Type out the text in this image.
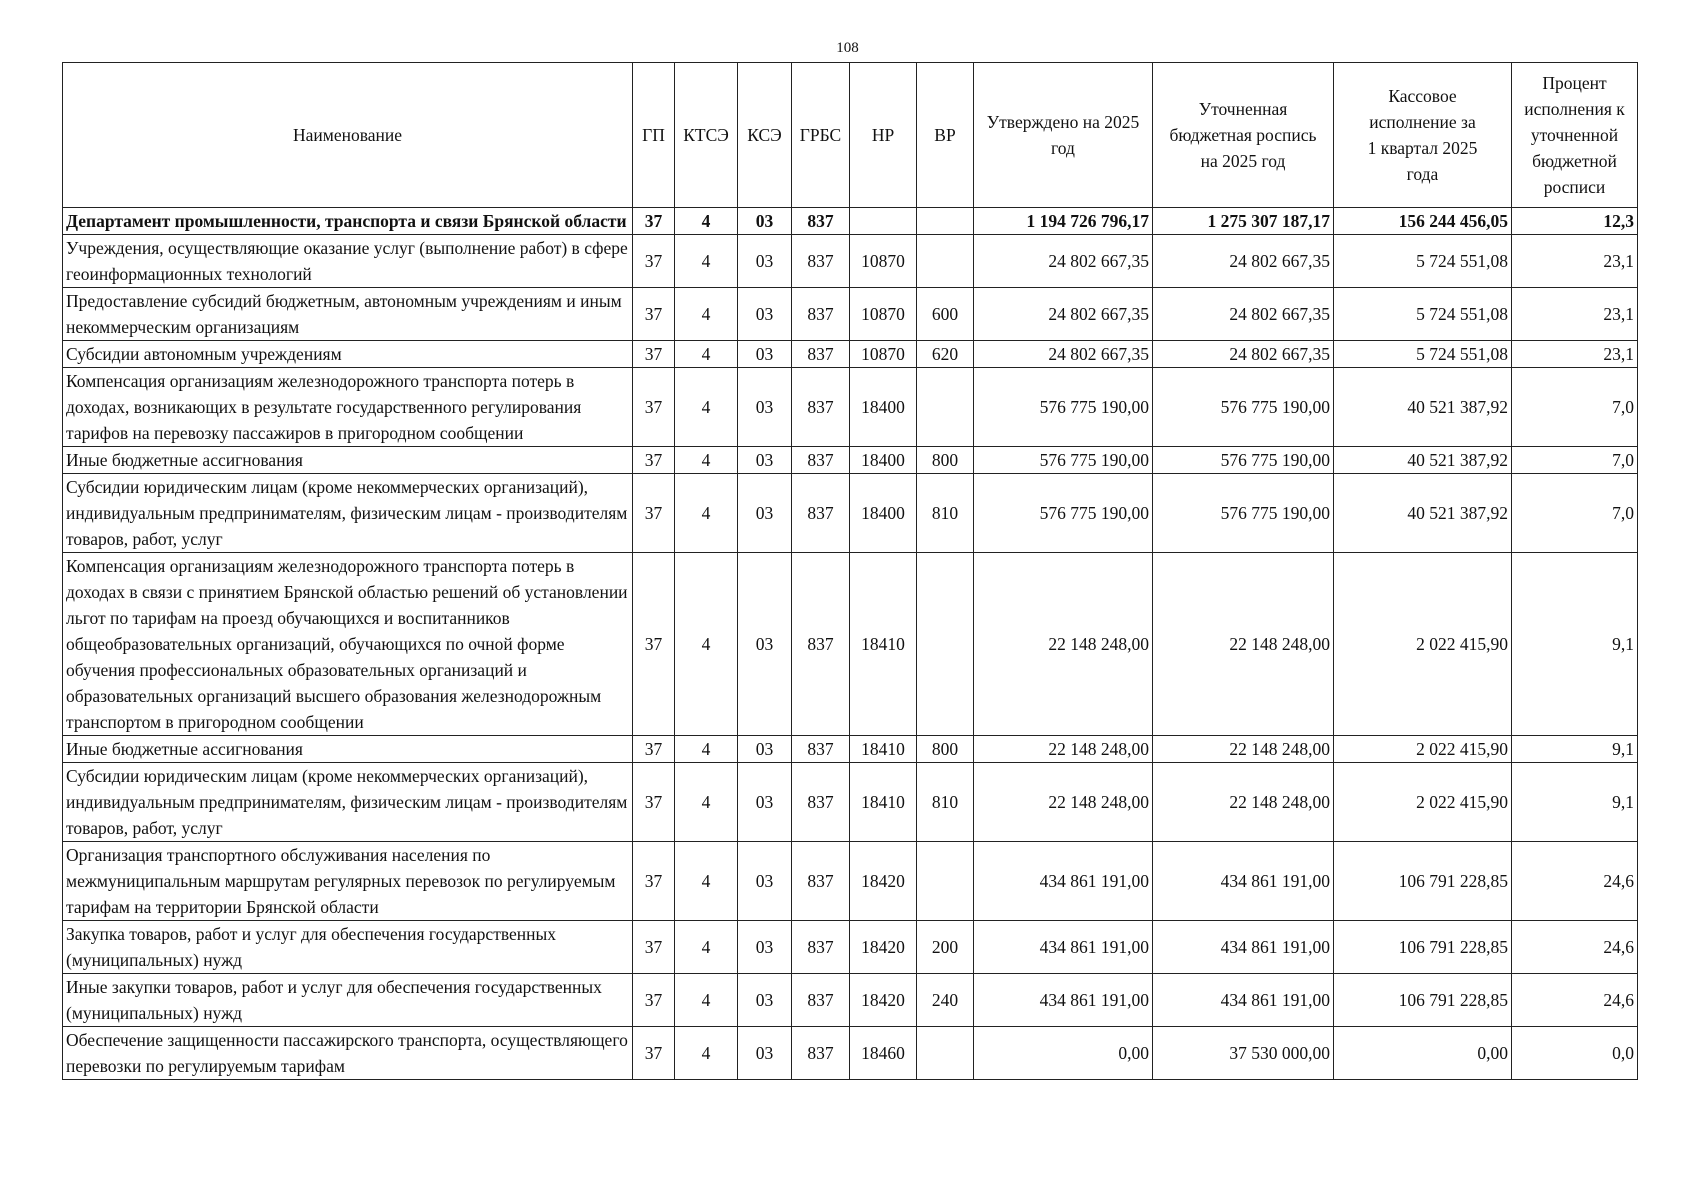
108
Наименование	ГП	КТСЭ	КСЭ	ГРБС	НР	ВР	Утверждено на 2025 год	Уточненная бюджетная роспись на 2025 год	Кассовое исполнение за 1 квартал 2025 года	Процент исполнения к уточненной бюджетной росписи
Департамент промышленности, транспорта и связи Брянской области	37	4	03	837			1 194 726 796,17	1 275 307 187,17	156 244 456,05	12,3
Учреждения, осуществляющие оказание услуг (выполнение работ) в сфере геоинформационных технологий	37	4	03	837	10870		24 802 667,35	24 802 667,35	5 724 551,08	23,1
Предоставление субсидий бюджетным, автономным учреждениям и иным некоммерческим организациям	37	4	03	837	10870	600	24 802 667,35	24 802 667,35	5 724 551,08	23,1
Субсидии автономным учреждениям	37	4	03	837	10870	620	24 802 667,35	24 802 667,35	5 724 551,08	23,1
Компенсация организациям железнодорожного транспорта потерь в доходах, возникающих в результате государственного регулирования тарифов на перевозку пассажиров в пригородном сообщении	37	4	03	837	18400		576 775 190,00	576 775 190,00	40 521 387,92	7,0
Иные бюджетные ассигнования	37	4	03	837	18400	800	576 775 190,00	576 775 190,00	40 521 387,92	7,0
Субсидии юридическим лицам (кроме некоммерческих организаций), индивидуальным предпринимателям, физическим лицам - производителям товаров, работ, услуг	37	4	03	837	18400	810	576 775 190,00	576 775 190,00	40 521 387,92	7,0
Компенсация организациям железнодорожного транспорта потерь в доходах в связи с принятием Брянской областью решений об установлении льгот по тарифам на проезд обучающихся и воспитанников общеобразовательных организаций, обучающихся по очной форме обучения профессиональных образовательных организаций и образовательных организаций высшего образования железнодорожным транспортом в пригородном сообщении	37	4	03	837	18410		22 148 248,00	22 148 248,00	2 022 415,90	9,1
Иные бюджетные ассигнования	37	4	03	837	18410	800	22 148 248,00	22 148 248,00	2 022 415,90	9,1
Субсидии юридическим лицам (кроме некоммерческих организаций), индивидуальным предпринимателям, физическим лицам - производителям товаров, работ, услуг	37	4	03	837	18410	810	22 148 248,00	22 148 248,00	2 022 415,90	9,1
Организация транспортного обслуживания населения по межмуниципальным маршрутам регулярных перевозок по регулируемым тарифам на территории Брянской области	37	4	03	837	18420		434 861 191,00	434 861 191,00	106 791 228,85	24,6
Закупка товаров, работ и услуг для обеспечения государственных (муниципальных) нужд	37	4	03	837	18420	200	434 861 191,00	434 861 191,00	106 791 228,85	24,6
Иные закупки товаров, работ и услуг для обеспечения государственных (муниципальных) нужд	37	4	03	837	18420	240	434 861 191,00	434 861 191,00	106 791 228,85	24,6
Обеспечение защищенности пассажирского транспорта, осуществляющего перевозки по регулируемым тарифам	37	4	03	837	18460		0,00	37 530 000,00	0,00	0,0
